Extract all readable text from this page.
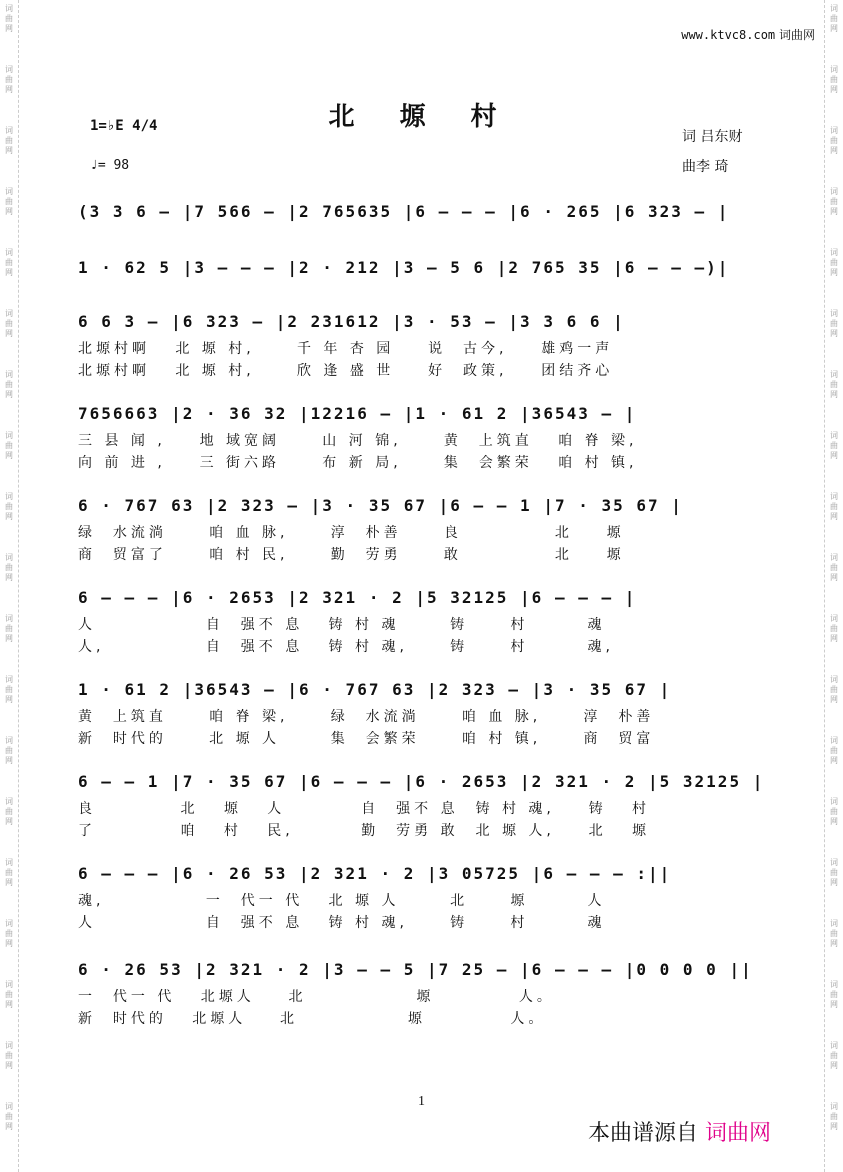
词曲网
词曲网
词曲网
词曲网
词曲网
词曲网
词曲网
词曲网
词曲网
词曲网
词曲网
词曲网
词曲网
词曲网
词曲网
词曲网
词曲网
词曲网
词曲网
词曲网
词曲网
词曲网
词曲网
词曲网
词曲网
词曲网
词曲网
词曲网
词曲网
词曲网
词曲网
词曲网
词曲网
词曲网
词曲网
词曲网
词曲网
词曲网
www.ktvc8.com 词曲网
北 塬 村
1=♭E 4/4
♩= 98
词 吕东财
曲李 琦
(3 3 6 – |7 566 – |2 765635 |6 – – – |6 · 265 |6 323 – |
1 · 62 5 |3 – – – |2 · 212 |3 – 5 6 |2 765 35 |6 – – –)|
6 6 3 – |6 323 – |2 231612 |3 · 53 – |3 3 6 6 |
北塬村啊   北 塬 村,     千 年 杏 园    说  古今,    雄鸡一声
北塬村啊   北 塬 村,     欣 逢 盛 世    好  政策,    团结齐心
7656663 |2 · 36 32 |12216 – |1 · 61 2 |36543 – |
三 县 闻 ,    地 域宽阔     山 河 锦,     黄  上筑直   咱 脊 梁,
向 前 进 ,    三 街六路     布 新 局,     集  会繁荣   咱 村 镇,
6 · 767 63 |2 323 – |3 · 35 67 |6 – – 1 |7 · 35 67 |
绿  水流淌     咱 血 脉,     淳  朴善     良           北    塬
商  贸富了     咱 村 民,     勤  劳勇     敢           北    塬
6 – – – |6 · 2653 |2 321 · 2 |5 32125 |6 – – – |
人             自  强不 息   铸 村 魂      铸     村       魂
人,            自  强不 息   铸 村 魂,     铸     村       魂,
1 · 61 2 |36543 – |6 · 767 63 |2 323 – |3 · 35 67 |
黄  上筑直     咱 脊 梁,     绿  水流淌     咱 血 脉,     淳  朴善
新  时代的     北 塬 人      集  会繁荣     咱 村 镇,     商  贸富
6 – – 1 |7 · 35 67 |6 – – – |6 · 2653 |2 321 · 2 |5 32125 |
良          北   塬   人         自  强不 息  铸 村 魂,    铸   村
了          咱   村   民,        勤  劳勇 敢  北 塬 人,    北   塬
6 – – – |6 · 26 53 |2 321 · 2 |3 05725 |6 – – – :||
魂,            一  代一 代   北 塬 人      北     塬       人
人             自  强不 息   铸 村 魂,     铸     村       魂
6 · 26 53 |2 321 · 2 |3 – – 5 |7 25 – |6 – – – |0 0 0 0 ||
一  代一 代   北塬人    北             塬          人。
新  时代的   北塬人    北             塬          人。
1
本曲谱源自 词曲网
